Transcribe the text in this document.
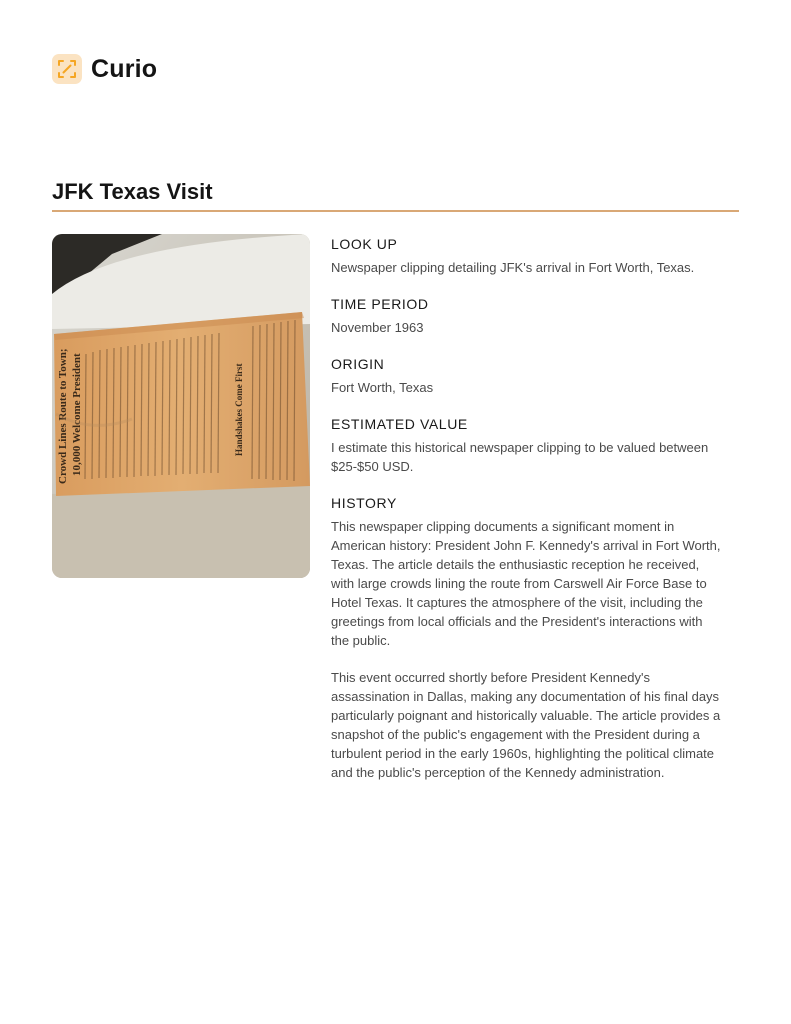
Curio
JFK Texas Visit
Crowd Lines Route to Town; 10,000 Welcome President	Handshakes Come First
LOOK UP
Newspaper clipping detailing JFK's arrival in Fort Worth, Texas.
TIME PERIOD
November 1963
ORIGIN
Fort Worth, Texas
ESTIMATED VALUE
I estimate this historical newspaper clipping to be valued between $25-$50 USD.
HISTORY
This newspaper clipping documents a significant moment in American history: President John F. Kennedy's arrival in Fort Worth, Texas. The article details the enthusiastic reception he received, with large crowds lining the route from Carswell Air Force Base to Hotel Texas. It captures the atmosphere of the visit, including the greetings from local officials and the President's interactions with the public.
This event occurred shortly before President Kennedy's assassination in Dallas, making any documentation of his final days particularly poignant and historically valuable. The article provides a snapshot of the public's engagement with the President during a turbulent period in the early 1960s, highlighting the political climate and the public's perception of the Kennedy administration.
